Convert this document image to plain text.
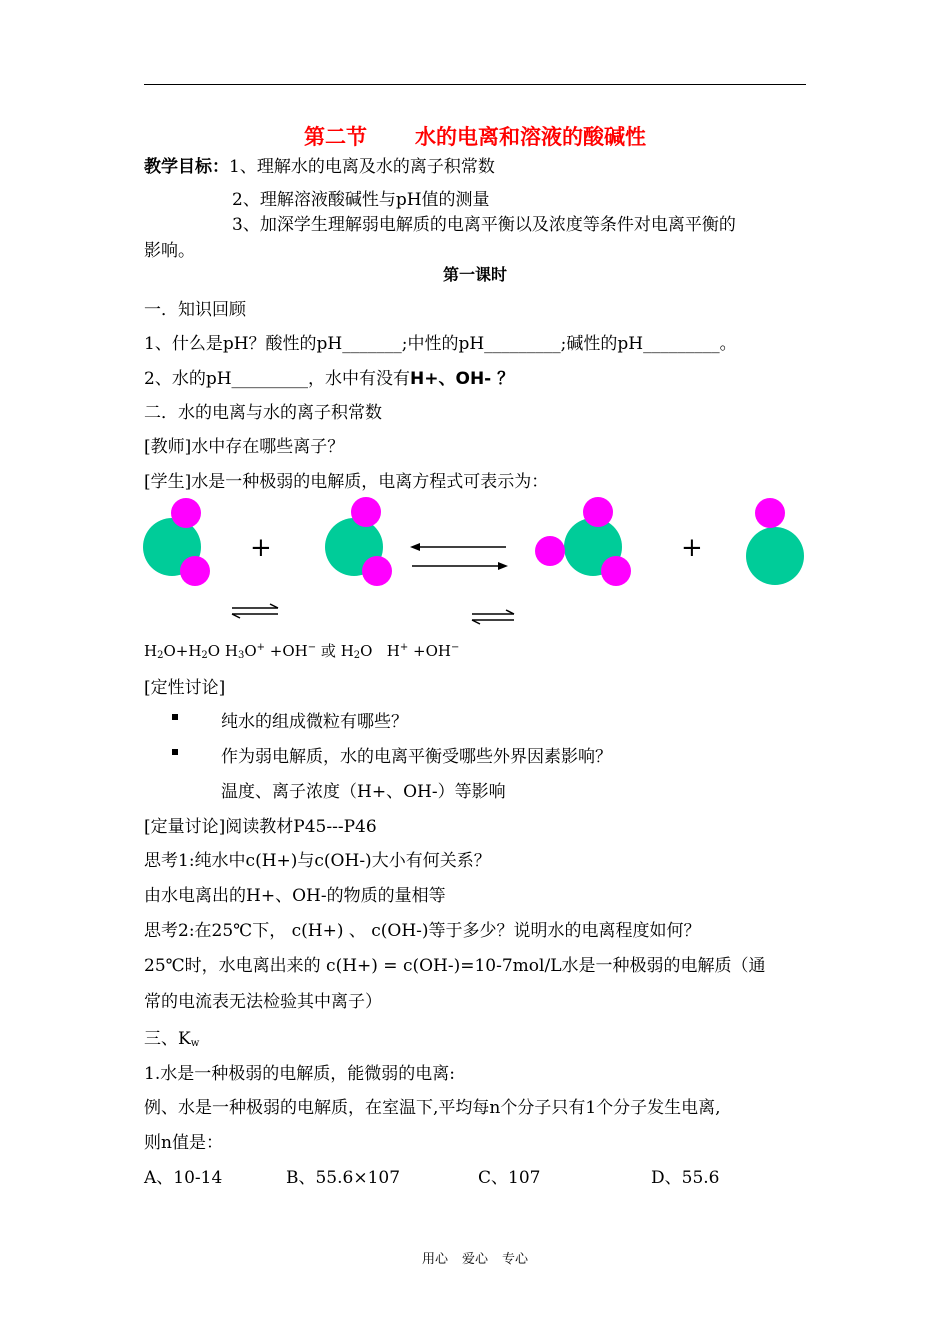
第二节 水的电离和溶液的酸碱性
教学目标：1、理解水的电离及水的离子积常数
2、理解溶液酸碱性与pH值的测量
3、加深学生理解弱电解质的电离平衡以及浓度等条件对电离平衡的
影响。
第一课时
一．知识回顾
1、什么是pH？酸性的pH_______;中性的pH_________;碱性的pH_________。
2、水的pH_________，水中有没有H+、OH- ？
二．水的电离与水的离子积常数
[教师]水中存在哪些离子？
[学生]水是一种极弱的电解质，电离方程式可表示为：
+	+
$H_2O+H_2O$ $H_3O^+ +OH^-$ 或 $H_2O$ H+ +OH−
[定性讨论]
纯水的组成微粒有哪些？
作为弱电解质，水的电离平衡受哪些外界因素影响？
温度、离子浓度（H+、OH-）等影响
[定量讨论]阅读教材P45---P46
思考1:纯水中c(H+)与c(OH-)大小有何关系？
由水电离出的H+、OH-的物质的量相等
思考2:在25℃下， c(H+) 、 c(OH-)等于多少？说明水的电离程度如何？
25℃时，水电离出来的 c(H+) = c(OH-)=10-7mol/L水是一种极弱的电解质（通
常的电流表无法检验其中离子）
三、$K_w$
1.水是一种极弱的电解质，能微弱的电离:
例、水是一种极弱的电解质，在室温下,平均每n个分子只有1个分子发生电离,
则n值是：
A、10-14	B、55.6×107	C、107	D、55.6
用心 爱心 专心
